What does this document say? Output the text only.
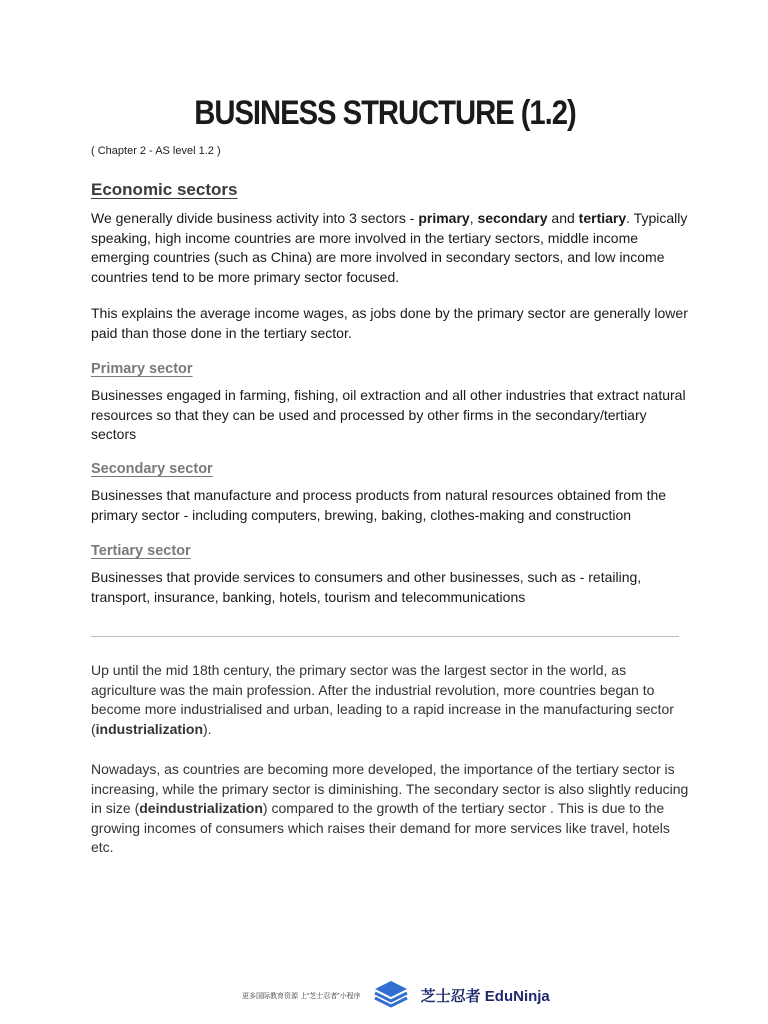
BUSINESS STRUCTURE (1.2)

( Chapter 2 - AS level 1.2 )

Economic sectors

We generally divide business activity into 3 sectors - primary, secondary and tertiary. Typically speaking, high income countries are more involved in the tertiary sectors, middle income emerging countries (such as China) are more involved in secondary sectors, and low income countries tend to be more primary sector focused.

This explains the average income wages, as jobs done by the primary sector are generally lower paid than those done in the tertiary sector.

Primary sector

Businesses engaged in farming, fishing, oil extraction and all other industries that extract natural resources so that they can be used and processed by other firms in the secondary/tertiary sectors

Secondary sector

Businesses that manufacture and process products from natural resources obtained from the primary sector - including computers, brewing, baking, clothes-making and construction

Tertiary sector

Businesses that provide services to consumers and other businesses, such as - retailing, transport, insurance, banking, hotels, tourism and telecommunications

Up until the mid 18th century, the primary sector was the largest sector in the world, as agriculture was the main profession. After the industrial revolution, more countries began to become more industrialised and urban, leading to a rapid increase in the manufacturing sector (industrialization).

Nowadays, as countries are becoming more developed, the importance of the tertiary sector is increasing, while the primary sector is diminishing. The secondary sector is also slightly reducing in size (deindustrialization) compared to the growth of the tertiary sector . This is due to the growing incomes of consumers which raises their demand for more services like travel, hotels etc.

更多国际教育资源 上“芝士忍者”小程序	芝士忍者 EduNinja
